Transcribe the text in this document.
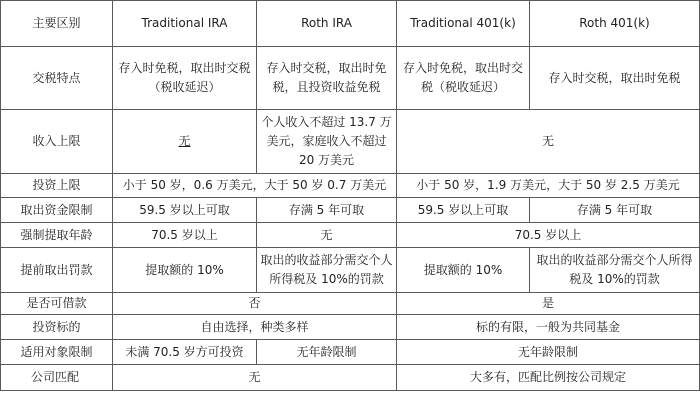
主要区别	Traditional IRA	Roth IRA	Traditional 401(k)	Roth 401(k)
交税特点	存入时免税，取出时交税（税收延迟）	存入时交税，取出时免税，且投资收益免税	存入时免税，取出时交税（税收延迟）	存入时交税，取出时免税
收入上限	无	个人收入不超过 13.7 万美元，家庭收入不超过 20 万美元	无	
投资上限	小于 50 岁，0.6 万美元，大于 50 岁 0.7 万美元		小于 50 岁，1.9 万美元，大于 50 岁 2.5 万美元	
取出资金限制	59.5 岁以上可取	存满 5 年可取	59.5 岁以上可取	存满 5 年可取
强制提取年龄	70.5 岁以上	无	70.5 岁以上	
提前取出罚款	提取额的 10%	取出的收益部分需交个人所得税及 10%的罚款	提取额的 10%	取出的收益部分需交个人所得税及 10%的罚款
是否可借款	否		是	
投资标的	自由选择，种类多样		标的有限，一般为共同基金	
适用对象限制	未满 70.5 岁方可投资	无年龄限制	无年龄限制	
公司匹配	无		大多有，匹配比例按公司规定	
